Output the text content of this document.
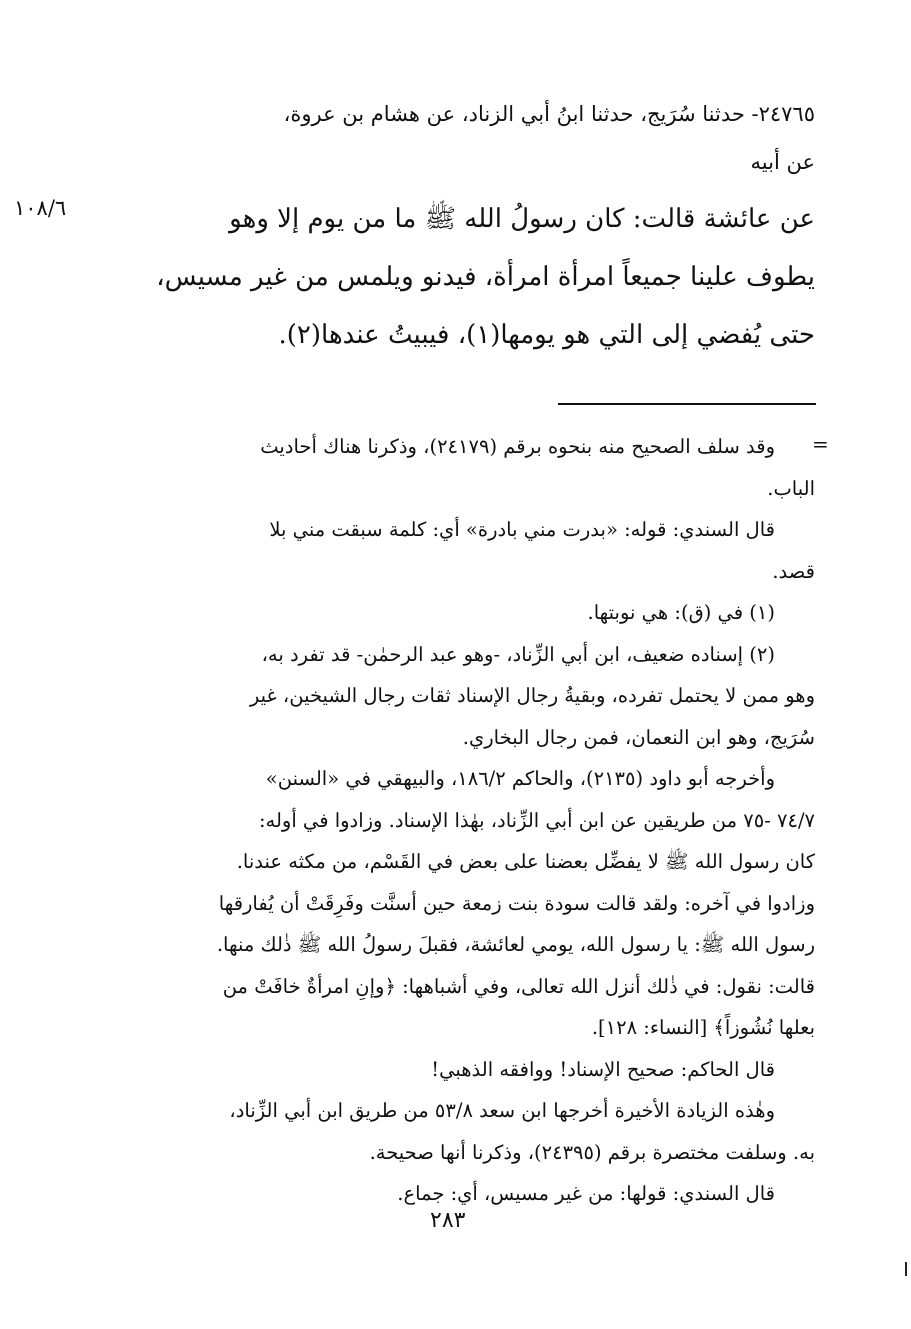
٢٤٧٦٥- حدثنا سُرَيج، حدثنا ابنُ أبي الزناد، عن هشام بن عروة،
عن أبيه
١٠٨/٦	عن عائشة قالت: كان رسولُ الله ﷺ ما من يوم إلا وهو
يطوف علينا جميعاً امرأة امرأة، فيدنو ويلمس من غير مسيس،
حتى يُفضي إلى التي هو يومها(١)، فيبيتُ عندها(٢).
=
وقد سلف الصحيح منه بنحوه برقم (٢٤١٧٩)، وذكرنا هناك أحاديث
الباب.
قال السندي: قوله: «بدرت مني بادرة» أي: كلمة سبقت مني بلا
قصد.
(١) في (ق): هي نوبتها.
(٢) إسناده ضعيف، ابن أبي الزِّناد، -وهو عبد الرحمٰن- قد تفرد به،
وهو ممن لا يحتمل تفرده، وبقيةُ رجال الإسناد ثقات رجال الشيخين، غير
سُرَيج، وهو ابن النعمان، فمن رجال البخاري.
وأخرجه أبو داود (٢١٣٥)، والحاكم ١٨٦/٢، والبيهقي في «السنن»
٧٤/٧ -٧٥ من طريقين عن ابن أبي الزِّناد، بهٰذا الإسناد. وزادوا في أوله:
كان رسول الله ﷺ لا يفضِّل بعضنا على بعض في القَسْم، من مكثه عندنا.
وزادوا في آخره: ولقد قالت سودة بنت زمعة حين أسنَّت وفَرِقَتْ أن يُفارقها
رسول الله ﷺ: يا رسول الله، يومي لعائشة، فقبلَ رسولُ الله ﷺ ذٰلك منها.
قالت: نقول: في ذٰلك أنزل الله تعالى، وفي أشباهها: ﴿وإنِ امرأةٌ خافَتْ من
بعلها نُشُوزاً﴾ [النساء: ١٢٨].
قال الحاكم: صحيح الإسناد! ووافقه الذهبي!
وهٰذه الزيادة الأخيرة أخرجها ابن سعد ٥٣/٨ من طريق ابن أبي الزِّناد،
به. وسلفت مختصرة برقم (٢٤٣٩٥)، وذكرنا أنها صحيحة.
قال السندي: قولها: من غير مسيس، أي: جماع.
٢٨٣
